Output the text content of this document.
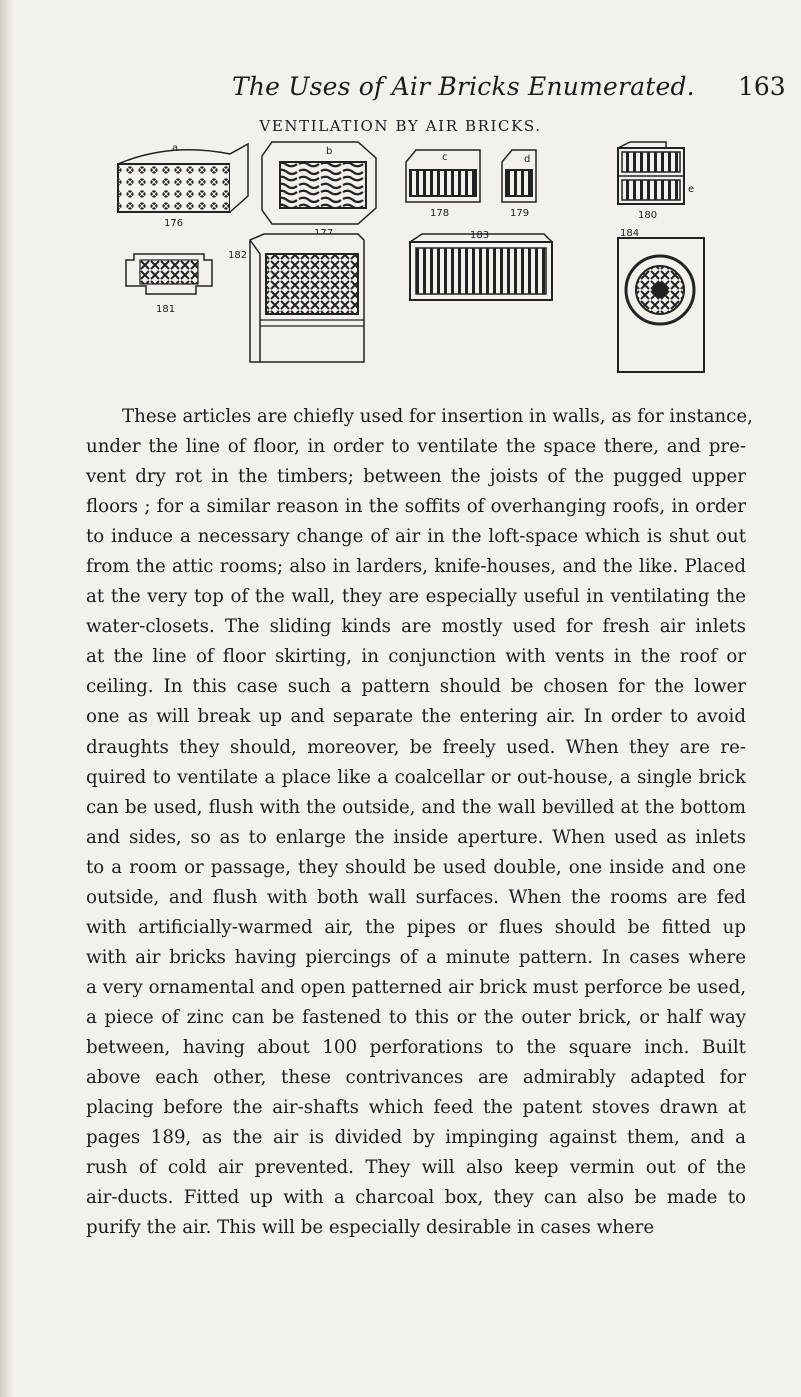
The Uses of Air Bricks Enumerated. 163
VENTILATION BY AIR BRICKS.
a
176
b
c
178
d
179
e
180
181
182
183	184
These articles are chiefly used for insertion in walls, as for instance,
under the line of floor, in order to ventilate the space there, and pre-
vent dry rot in the timbers; between the joists of the pugged upper
floors ; for a similar reason in the soffits of overhanging roofs, in order
to induce a necessary change of air in the loft-space which is shut out
from the attic rooms; also in larders, knife-houses, and the like. Placed
at the very top of the wall, they are especially useful in ventilating the
water-closets. The sliding kinds are mostly used for fresh air inlets
at the line of floor skirting, in conjunction with vents in the roof or
ceiling. In this case such a pattern should be chosen for the lower
one as will break up and separate the entering air. In order to avoid
draughts they should, moreover, be freely used. When they are re-
quired to ventilate a place like a coalcellar or out-house, a single brick
can be used, flush with the outside, and the wall bevilled at the bottom
and sides, so as to enlarge the inside aperture. When used as inlets
to a room or passage, they should be used double, one inside and one
outside, and flush with both wall surfaces. When the rooms are fed
with artificially-warmed air, the pipes or flues should be fitted up
with air bricks having piercings of a minute pattern. In cases where
a very ornamental and open patterned air brick must perforce be used,
a piece of zinc can be fastened to this or the outer brick, or half way
between, having about 100 perforations to the square inch. Built
above each other, these contrivances are admirably adapted for
placing before the air-shafts which feed the patent stoves drawn at
pages 189, as the air is divided by impinging against them, and a
rush of cold air prevented. They will also keep vermin out of the
air-ducts. Fitted up with a charcoal box, they can also be made to
purify the air. This will be especially desirable in cases where
